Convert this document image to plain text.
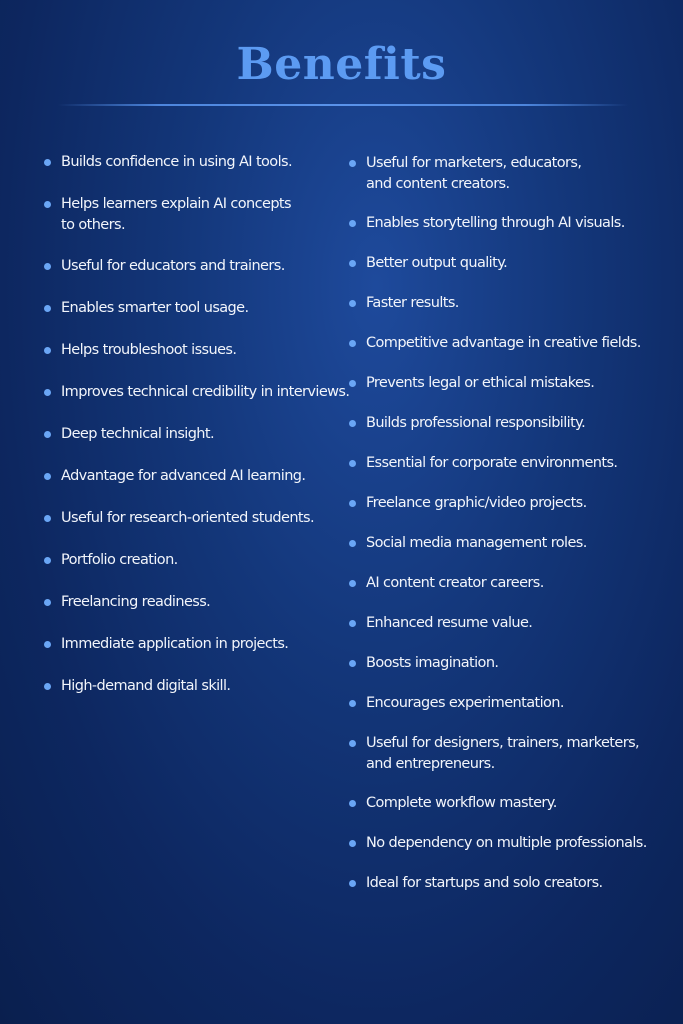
Benefits
Builds confidence in using AI tools.
Helps learners explain AI concepts
to others.
Useful for educators and trainers.
Enables smarter tool usage.
Helps troubleshoot issues.
Improves technical credibility in interviews.
Deep technical insight.
Advantage for advanced AI learning.
Useful for research-oriented students.
Portfolio creation.
Freelancing readiness.
Immediate application in projects.
High-demand digital skill.
Useful for marketers, educators,
and content creators.
Enables storytelling through AI visuals.
Better output quality.
Faster results.
Competitive advantage in creative fields.
Prevents legal or ethical mistakes.
Builds professional responsibility.
Essential for corporate environments.
Freelance graphic/video projects.
Social media management roles.
AI content creator careers.
Enhanced resume value.
Boosts imagination.
Encourages experimentation.
Useful for designers, trainers, marketers,
and entrepreneurs.
Complete workflow mastery.
No dependency on multiple professionals.
Ideal for startups and solo creators.
